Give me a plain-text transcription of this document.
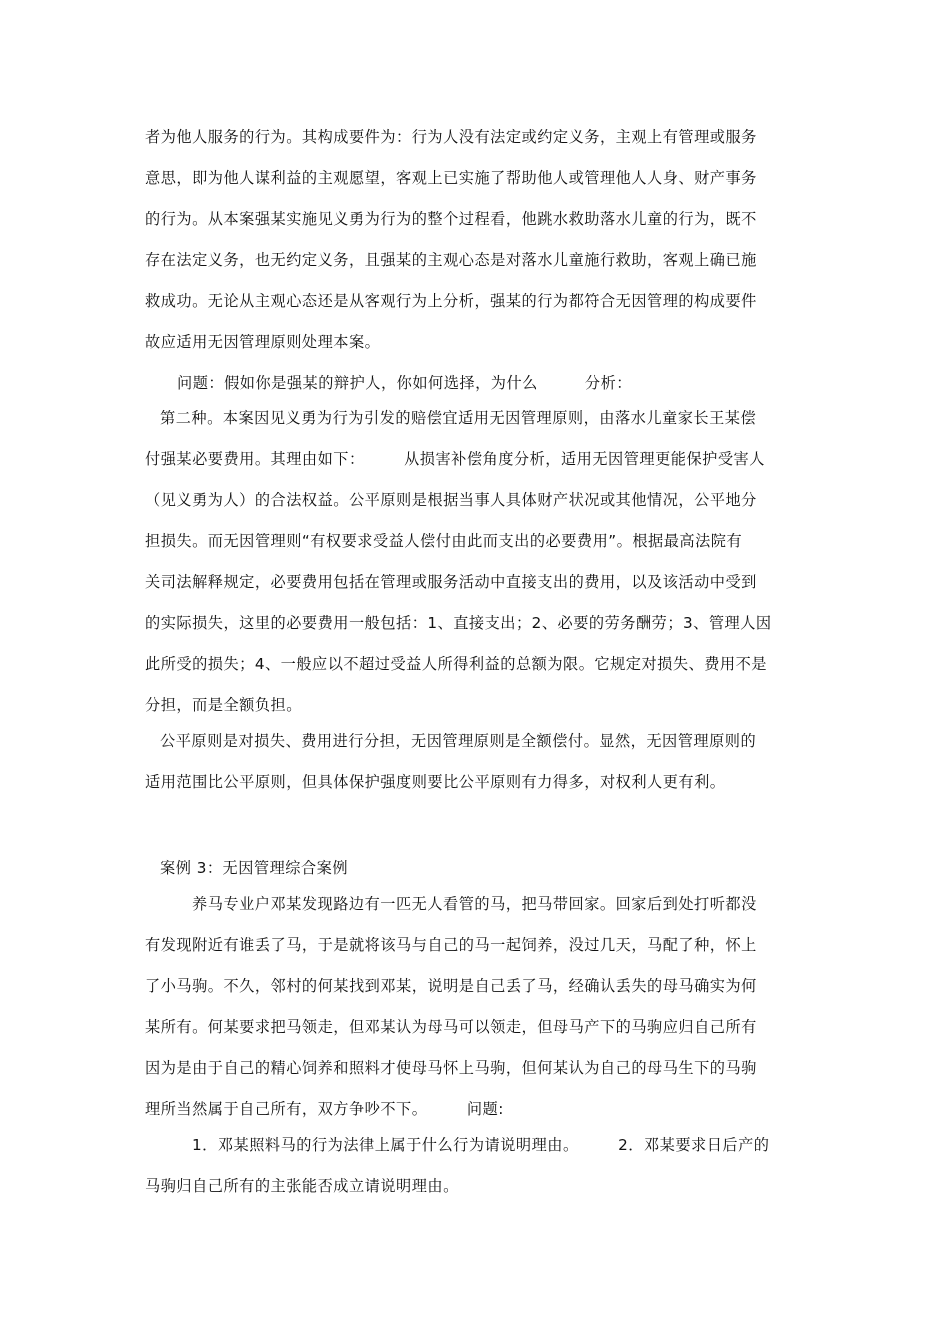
者为他人服务的行为。其构成要件为：行为人没有法定或约定义务，主观上有管理或服务
意思，即为他人谋利益的主观愿望，客观上已实施了帮助他人或管理他人人身、财产事务
的行为。从本案强某实施见义勇为行为的整个过程看，他跳水救助落水儿童的行为，既不
存在法定义务，也无约定义务，且强某的主观心态是对落水儿童施行救助，客观上确已施
救成功。无论从主观心态还是从客观行为上分析，强某的行为都符合无因管理的构成要件
故应适用无因管理原则处理本案。
问题：假如你是强某的辩护人，你如何选择，为什么　　　分析：
第二种。本案因见义勇为行为引发的赔偿宜适用无因管理原则，由落水儿童家长王某偿
付强某必要费用。其理由如下：　　　从损害补偿角度分析，适用无因管理更能保护受害人
（见义勇为人）的合法权益。公平原则是根据当事人具体财产状况或其他情况，公平地分
担损失。而无因管理则“有权要求受益人偿付由此而支出的必要费用”。根据最高法院有
关司法解释规定，必要费用包括在管理或服务活动中直接支出的费用，以及该活动中受到
的实际损失，这里的必要费用一般包括：1、直接支出；2、必要的劳务酬劳；3、管理人因
此所受的损失；4、一般应以不超过受益人所得利益的总额为限。它规定对损失、费用不是
分担，而是全额负担。
公平原则是对损失、费用进行分担，无因管理原则是全额偿付。显然，无因管理原则的
适用范围比公平原则，但具体保护强度则要比公平原则有力得多，对权利人更有利。
案例 3：无因管理综合案例
养马专业户邓某发现路边有一匹无人看管的马，把马带回家。回家后到处打听都没
有发现附近有谁丢了马，于是就将该马与自己的马一起饲养，没过几天，马配了种，怀上
了小马驹。不久，邻村的何某找到邓某，说明是自己丢了马，经确认丢失的母马确实为何
某所有。何某要求把马领走，但邓某认为母马可以领走，但母马产下的马驹应归自己所有
因为是由于自己的精心饲养和照料才使母马怀上马驹，但何某认为自己的母马生下的马驹
理所当然属于自己所有，双方争吵不下。　　　问题:
1．邓某照料马的行为法律上属于什么行为请说明理由。　　　2．邓某要求日后产的
马驹归自己所有的主张能否成立请说明理由。
